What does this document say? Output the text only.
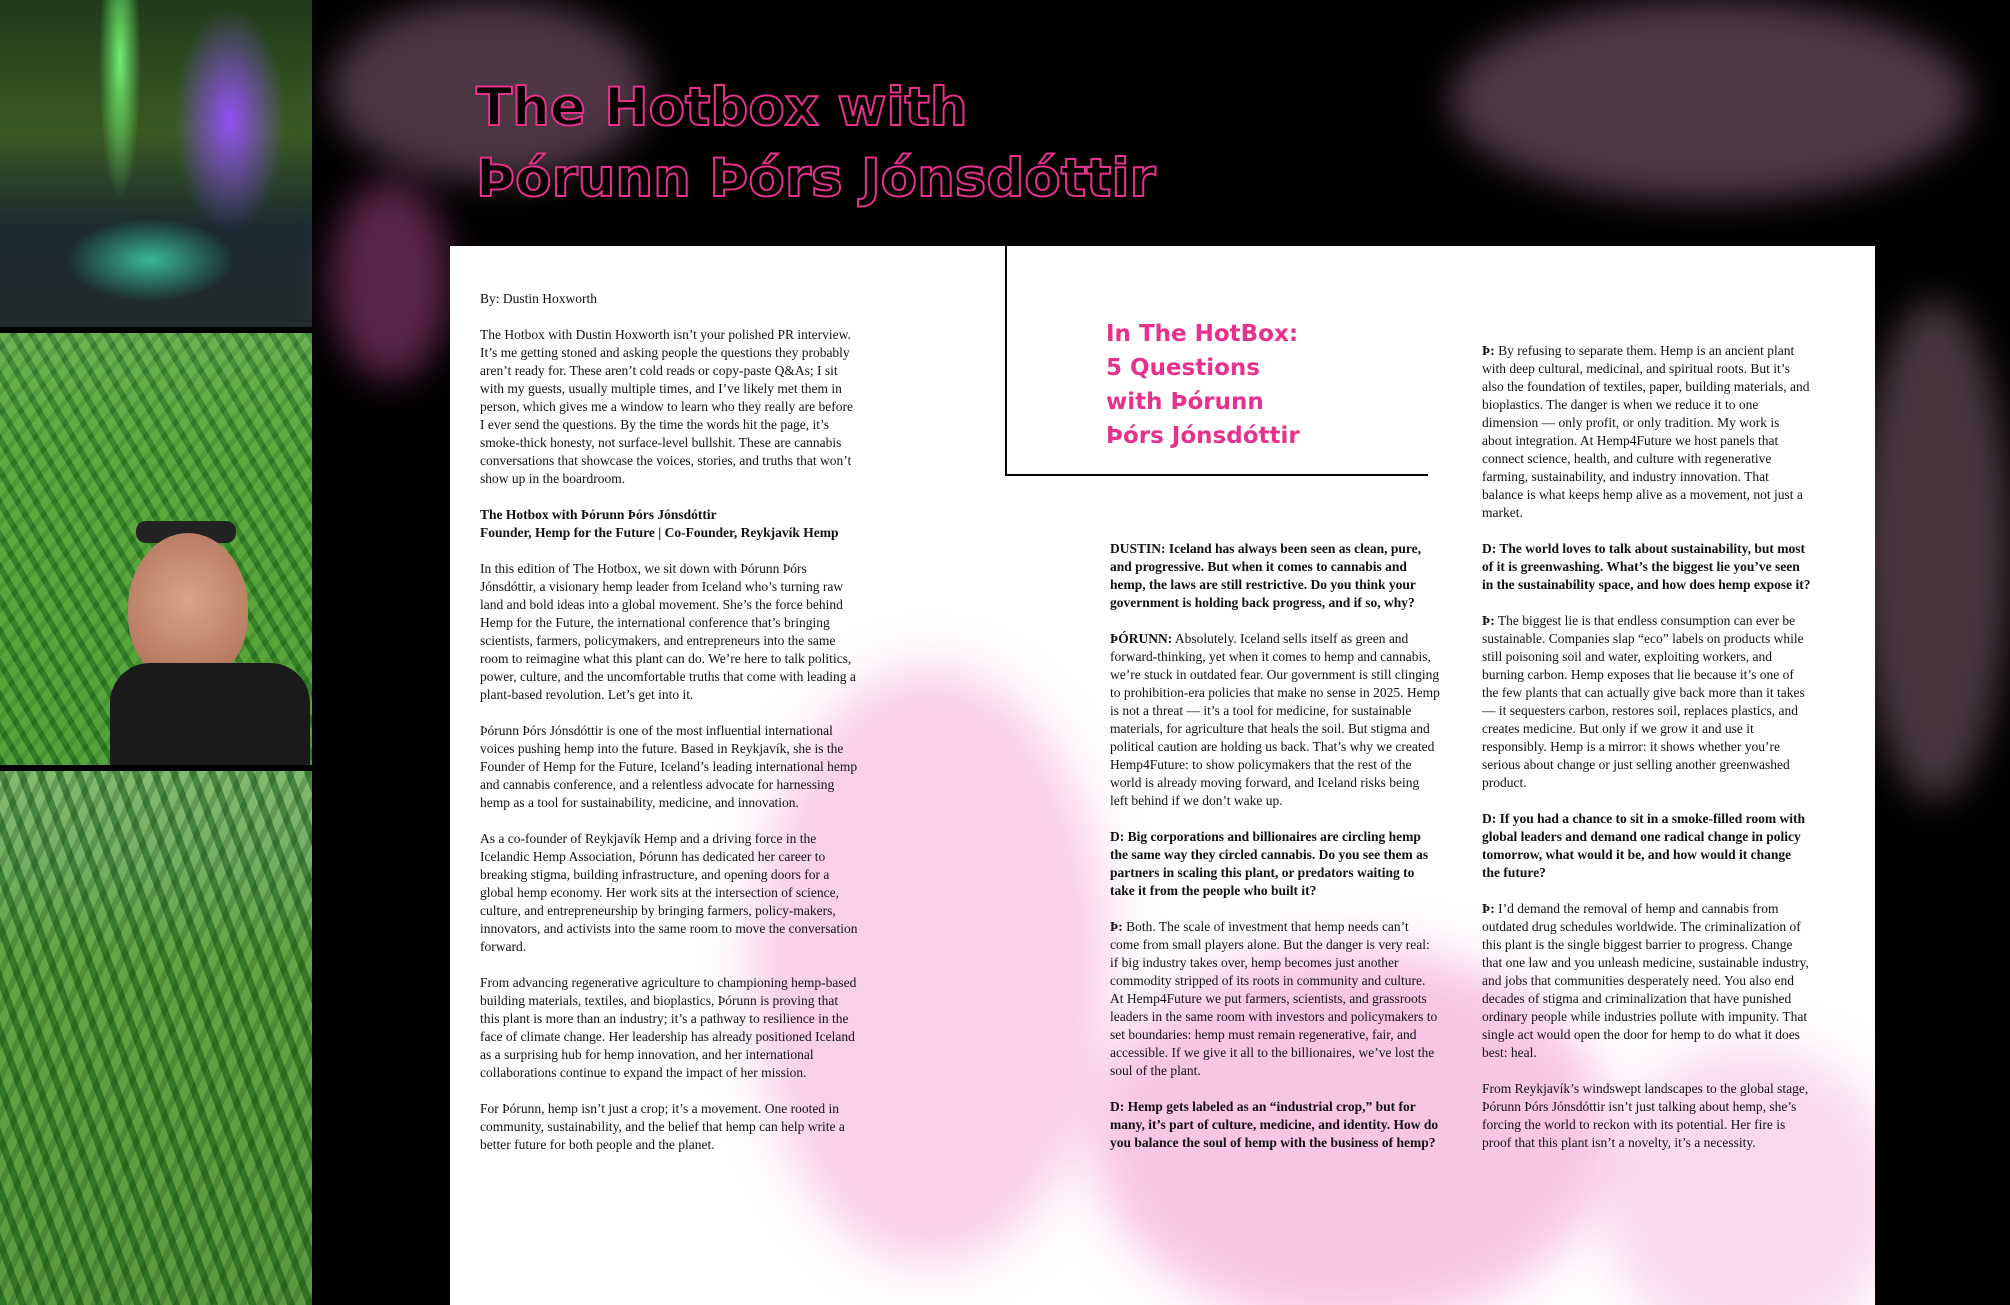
The Hotbox with
Þórunn Þórs Jónsdóttir
In The HotBox:
5 Questions
with Þórunn
Þórs Jónsdóttir

By: Dustin Hoxworth

The Hotbox with Dustin Hoxworth isn’t your polished PR interview. It’s me getting stoned and asking people the questions they probably aren’t ready for. These aren’t cold reads or copy-paste Q&As; I sit with my guests, usually multiple times, and I’ve likely met them in person, which gives me a window to learn who they really are before I ever send the questions. By the time the words hit the page, it’s smoke-thick honesty, not surface-level bullshit. These are cannabis conversations that showcase the voices, stories, and truths that won’t show up in the boardroom.

The Hotbox with Þórunn Þórs Jónsdóttir
Founder, Hemp for the Future | Co-Founder, Reykjavík Hemp

In this edition of The Hotbox, we sit down with Þórunn Þórs Jónsdóttir, a visionary hemp leader from Iceland who’s turning raw land and bold ideas into a global movement. She’s the force behind Hemp for the Future, the international conference that’s bringing scientists, farmers, policymakers, and entrepreneurs into the same room to reimagine what this plant can do. We’re here to talk politics, power, culture, and the uncomfortable truths that come with leading a plant-based revolution. Let’s get into it.

Þórunn Þórs Jónsdóttir is one of the most influential international voices pushing hemp into the future. Based in Reykjavík, she is the Founder of Hemp for the Future, Iceland’s leading international hemp and cannabis conference, and a relentless advocate for harnessing hemp as a tool for sustainability, medicine, and innovation.

As a co-founder of Reykjavík Hemp and a driving force in the Icelandic Hemp Association, Þórunn has dedicated her career to breaking stigma, building infrastructure, and opening doors for a global hemp economy. Her work sits at the intersection of science, culture, and entrepreneurship by bringing farmers, policy-makers, innovators, and activists into the same room to move the conversation forward.

From advancing regenerative agriculture to championing hemp-based building materials, textiles, and bioplastics, Þórunn is proving that this plant is more than an industry; it’s a pathway to resilience in the face of climate change. Her leadership has already positioned Iceland as a surprising hub for hemp innovation, and her international collaborations continue to expand the impact of her mission.

For Þórunn, hemp isn’t just a crop; it’s a movement. One rooted in community, sustainability, and the belief that hemp can help write a better future for both people and the planet.

DUSTIN: Iceland has always been seen as clean, pure, and progressive. But when it comes to cannabis and hemp, the laws are still restrictive. Do you think your government is holding back progress, and if so, why?

ÞÓRUNN: Absolutely. Iceland sells itself as green and forward-thinking, yet when it comes to hemp and cannabis, we’re stuck in outdated fear. Our government is still clinging to prohibition-era policies that make no sense in 2025. Hemp is not a threat — it’s a tool for medicine, for sustainable materials, for agriculture that heals the soil. But stigma and political caution are holding us back. That’s why we created Hemp4Future: to show policymakers that the rest of the world is already moving forward, and Iceland risks being left behind if we don’t wake up.

D: Big corporations and billionaires are circling hemp the same way they circled cannabis. Do you see them as partners in scaling this plant, or predators waiting to take it from the people who built it?

Þ: Both. The scale of investment that hemp needs can’t come from small players alone. But the danger is very real: if big industry takes over, hemp becomes just another commodity stripped of its roots in community and culture. At Hemp4Future we put farmers, scientists, and grassroots leaders in the same room with investors and policymakers to set boundaries: hemp must remain regenerative, fair, and accessible. If we give it all to the billionaires, we’ve lost the soul of the plant.

D: Hemp gets labeled as an “industrial crop,” but for many, it’s part of culture, medicine, and identity. How do you balance the soul of hemp with the business of hemp?

Þ: By refusing to separate them. Hemp is an ancient plant with deep cultural, medicinal, and spiritual roots. But it’s also the foundation of textiles, paper, building materials, and bioplastics. The danger is when we reduce it to one dimension — only profit, or only tradition. My work is about integration. At Hemp4Future we host panels that connect science, health, and culture with regenerative farming, sustainability, and industry innovation. That balance is what keeps hemp alive as a movement, not just a market.

D: The world loves to talk about sustainability, but most of it is greenwashing. What’s the biggest lie you’ve seen in the sustainability space, and how does hemp expose it?

Þ: The biggest lie is that endless consumption can ever be sustainable. Companies slap “eco” labels on products while still poisoning soil and water, exploiting workers, and burning carbon. Hemp exposes that lie because it’s one of the few plants that can actually give back more than it takes — it sequesters carbon, restores soil, replaces plastics, and creates medicine. But only if we grow it and use it responsibly. Hemp is a mirror: it shows whether you’re serious about change or just selling another greenwashed product.

D: If you had a chance to sit in a smoke-filled room with global leaders and demand one radical change in policy tomorrow, what would it be, and how would it change the future?

Þ: I’d demand the removal of hemp and cannabis from outdated drug schedules worldwide. The criminalization of this plant is the single biggest barrier to progress. Change that one law and you unleash medicine, sustainable industry, and jobs that communities desperately need. You also end decades of stigma and criminalization that have punished ordinary people while industries pollute with impunity. That single act would open the door for hemp to do what it does best: heal.

From Reykjavík’s windswept landscapes to the global stage, Þórunn Þórs Jónsdóttir isn’t just talking about hemp, she’s forcing the world to reckon with its potential. Her fire is proof that this plant isn’t a novelty, it’s a necessity.
